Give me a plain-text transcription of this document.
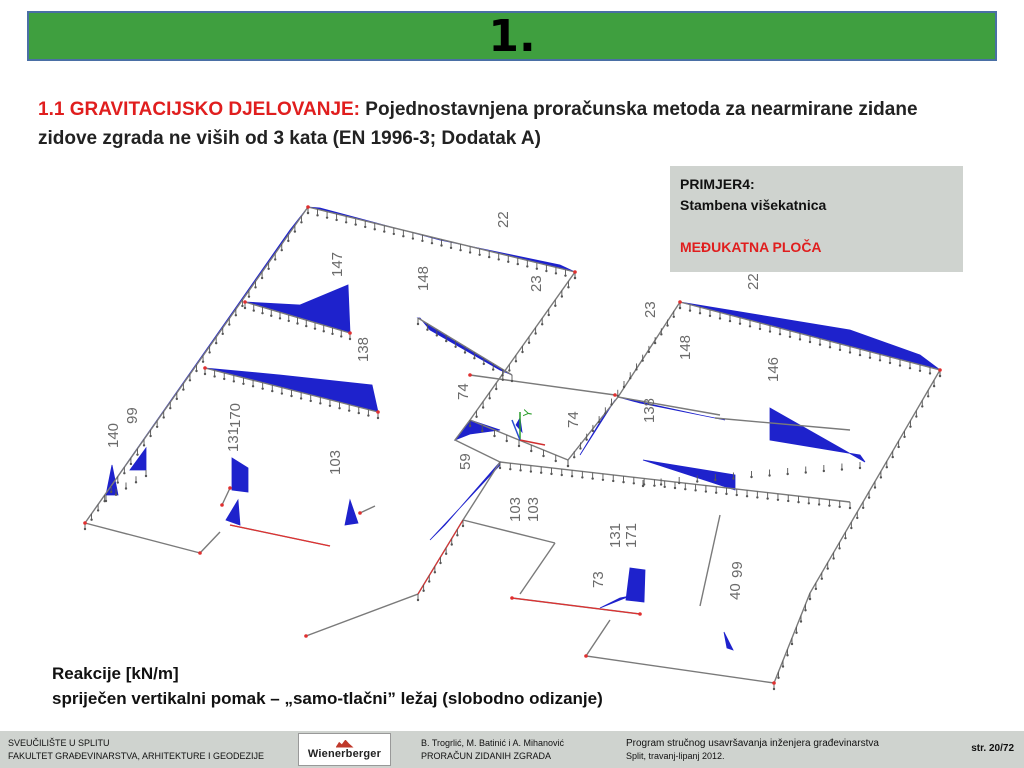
1.
1.1 GRAVITACIJSKO DJELOVANJE: Pojednostavnjena proračunska metoda za nearmirane zidane zidove zgrada ne viših od 3 kata (EN 1996-3; Dodatak A)
PRIMJER4:
Stambena višekatnica
MEĐUKATNA PLOČA
Y
22
147
148	23
138
140
99
131
170
103
74
74
59
103 103
23
22
148
146
138
131 171
73
99
40
Reakcije [kN/m]
spriječen vertikalni pomak – „samo-tlačni” ležaj (slobodno odizanje)
SVEUČILIŠTE U SPLITU
FAKULTET GRAĐEVINARSTVA, ARHITEKTURE I GEODEZIJE
B. Trogrlić, M. Batinić i A. Mihanović
PRORAČUN ZIDANIH ZGRADA
Program stručnog usavršavanja inženjera građevinarstva
Split, travanj-lipanj 2012.
str. 20/72
Wienerberger
